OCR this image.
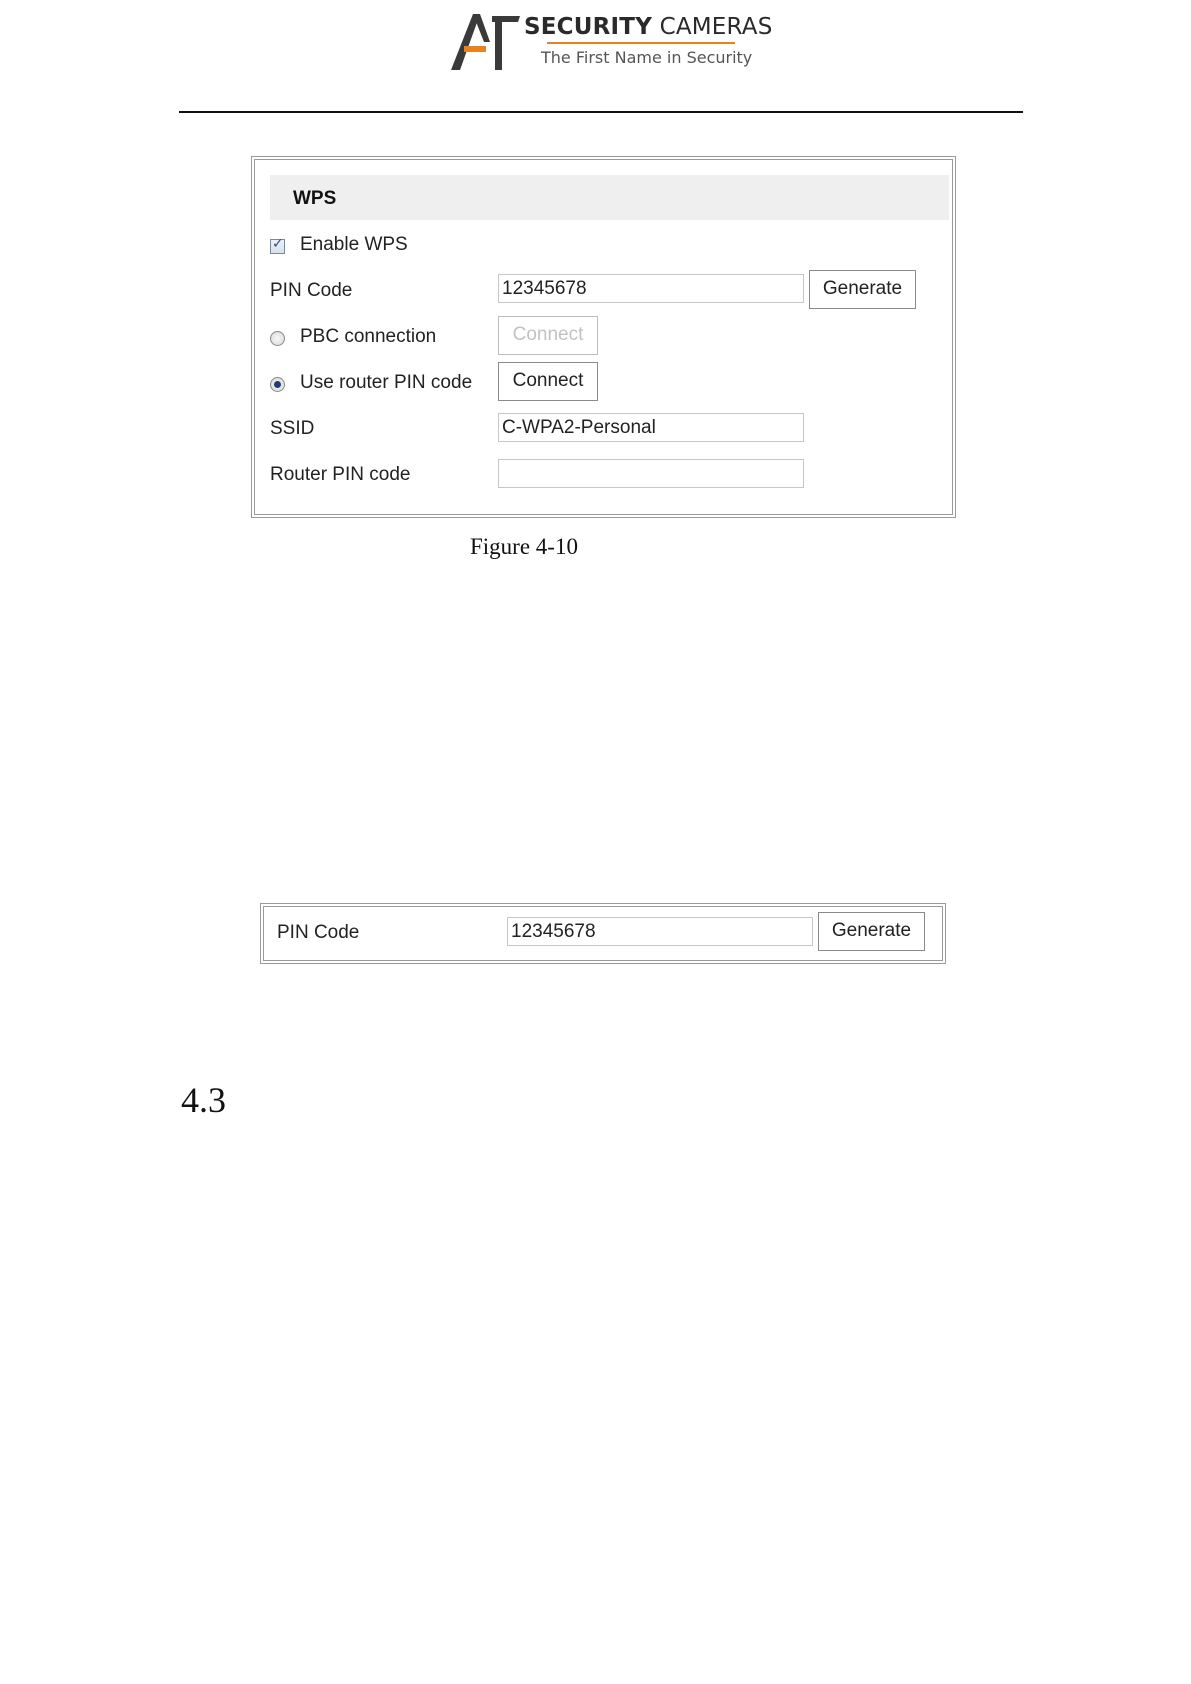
SECURITY CAMERAS
The First Name in Security
WPS
✓ Enable WPS
PIN Code	12345678	Generate
PBC connection	Connect
Use router PIN code	Connect
SSID	C-WPA2-Personal
Router PIN code
Figure 4-10
PIN Code	12345678	Generate
4.3
